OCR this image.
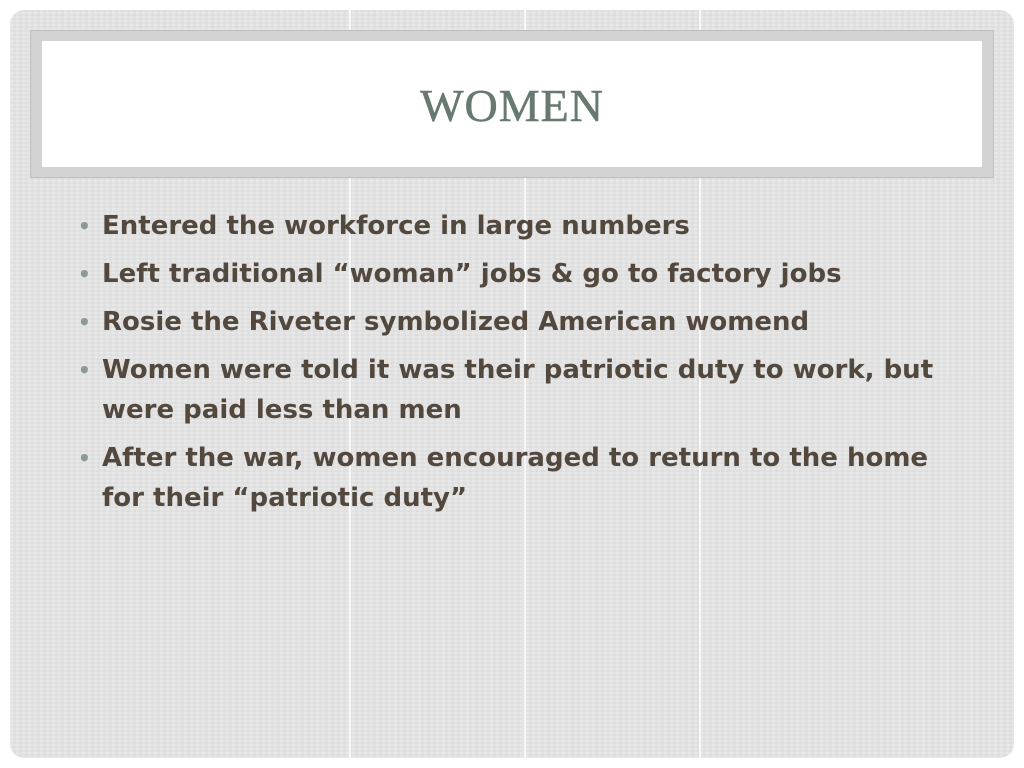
WOMEN
• Entered the workforce in large numbers
• Left traditional “woman” jobs & go to factory jobs
• Rosie the Riveter symbolized American womend
• Women were told it was their patriotic duty to work, but were paid less than men
• After the war, women encouraged to return to the home for their “patriotic duty”
